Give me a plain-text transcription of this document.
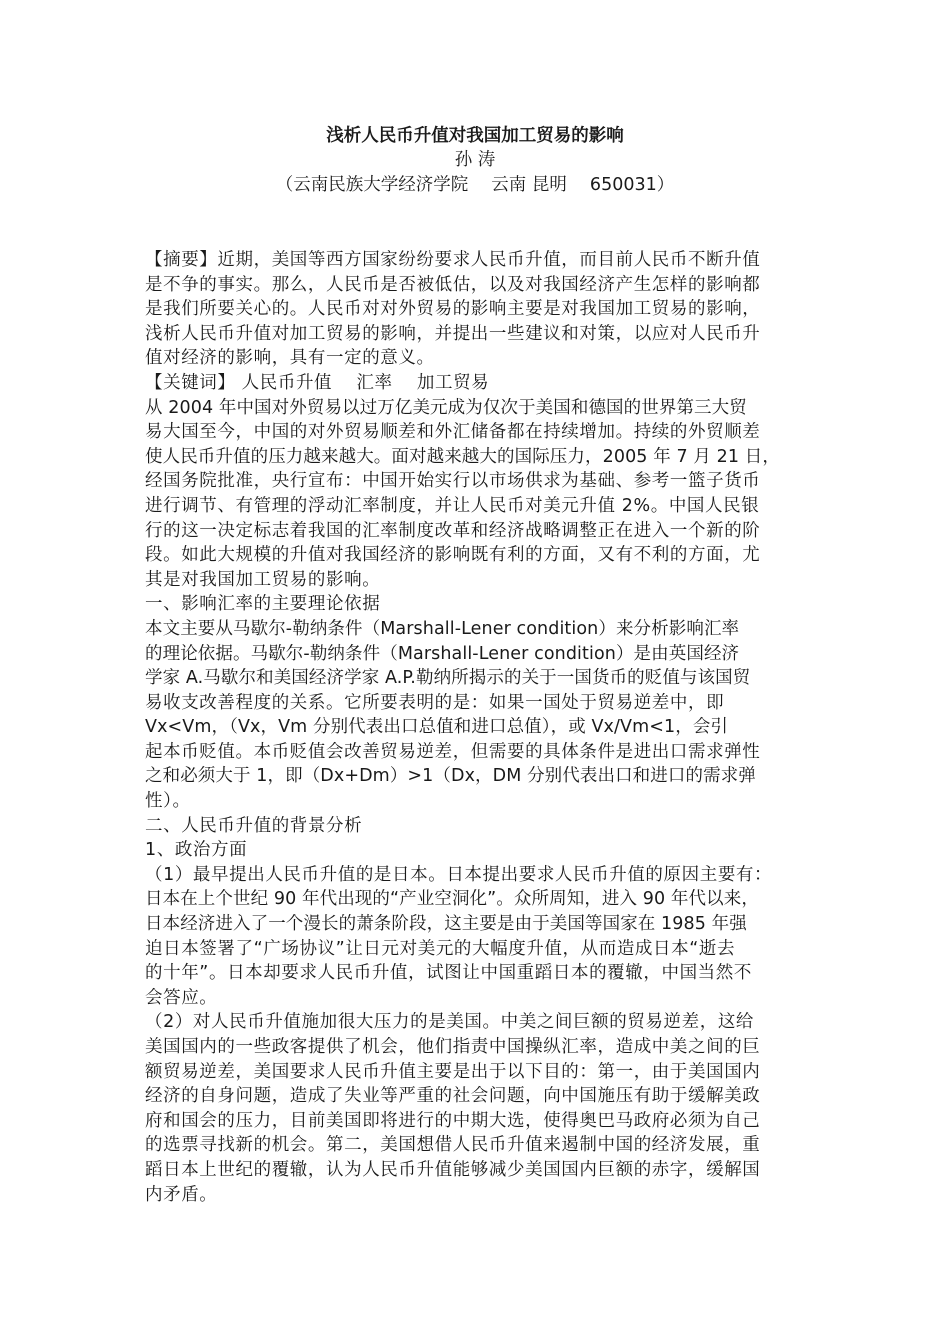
浅析人民币升值对我国加工贸易的影响

孙 涛

（云南民族大学经济学院　 云南 昆明　 650031）

【摘要】近期，美国等西方国家纷纷要求人民币升值，而目前人民币不断升值
是不争的事实。那么，人民币是否被低估，以及对我国经济产生怎样的影响都
是我们所要关心的。人民币对对外贸易的影响主要是对我国加工贸易的影响，
浅析人民币升值对加工贸易的影响，并提出一些建议和对策，以应对人民币升
值对经济的影响，具有一定的意义。
【关键词】 人民币升值　 汇率　 加工贸易
从 2004 年中国对外贸易以过万亿美元成为仅次于美国和德国的世界第三大贸
易大国至今，中国的对外贸易顺差和外汇储备都在持续增加。持续的外贸顺差
使人民币升值的压力越来越大。面对越来越大的国际压力，2005 年 7 月 21 日，
经国务院批准，央行宣布：中国开始实行以市场供求为基础、参考一篮子货币
进行调节、有管理的浮动汇率制度，并让人民币对美元升值 2%。中国人民银
行的这一决定标志着我国的汇率制度改革和经济战略调整正在进入一个新的阶
段。如此大规模的升值对我国经济的影响既有利的方面，又有不利的方面，尤
其是对我国加工贸易的影响。
一、影响汇率的主要理论依据
本文主要从马歇尔-勒纳条件（Marshall-Lener condition）来分析影响汇率
的理论依据。马歇尔-勒纳条件（Marshall-Lener condition）是由英国经济
学家 A.马歇尔和美国经济学家 A.P.勒纳所揭示的关于一国货币的贬值与该国贸
易收支改善程度的关系。它所要表明的是：如果一国处于贸易逆差中，即
Vx<Vm，（Vx，Vm 分别代表出口总值和进口总值），或 Vx/Vm<1，会引
起本币贬值。本币贬值会改善贸易逆差，但需要的具体条件是进出口需求弹性
之和必须大于 1，即（Dx+Dm）>1（Dx，DM 分别代表出口和进口的需求弹
性）。
二、人民币升值的背景分析
1、政治方面
（1）最早提出人民币升值的是日本。日本提出要求人民币升值的原因主要有：
日本在上个世纪 90 年代出现的“产业空洞化”。众所周知，进入 90 年代以来，
日本经济进入了一个漫长的萧条阶段，这主要是由于美国等国家在 1985 年强
迫日本签署了“广场协议”让日元对美元的大幅度升值，从而造成日本“逝去
的十年”。日本却要求人民币升值，试图让中国重蹈日本的覆辙，中国当然不
会答应。
（2）对人民币升值施加很大压力的是美国。中美之间巨额的贸易逆差，这给
美国国内的一些政客提供了机会，他们指责中国操纵汇率，造成中美之间的巨
额贸易逆差，美国要求人民币升值主要是出于以下目的：第一，由于美国国内
经济的自身问题，造成了失业等严重的社会问题，向中国施压有助于缓解美政
府和国会的压力，目前美国即将进行的中期大选，使得奥巴马政府必须为自己
的选票寻找新的机会。第二，美国想借人民币升值来遏制中国的经济发展，重
蹈日本上世纪的覆辙，认为人民币升值能够减少美国国内巨额的赤字，缓解国
内矛盾。
